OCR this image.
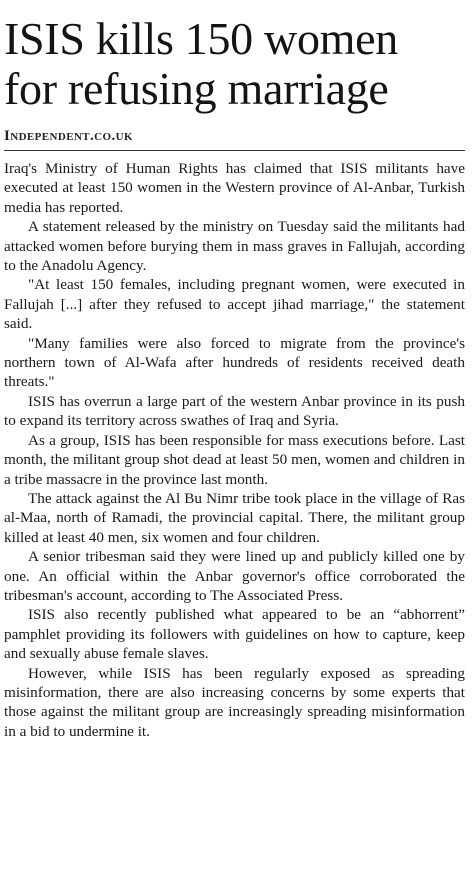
ISIS kills 150 women
for refusing marriage
Independent.co.uk

Iraq's Ministry of Human Rights has claimed that ISIS militants have executed at least 150 women in the Western province of Al-Anbar, Turkish media has reported.

A statement released by the ministry on Tuesday said the militants had attacked women before burying them in mass graves in Fallujah, according to the Anadolu Agency.

"At least 150 females, including pregnant women, were executed in Fallujah [...] after they refused to accept jihad marriage," the statement said.

"Many families were also forced to migrate from the province's northern town of Al-Wafa after hundreds of residents received death threats."

ISIS has overrun a large part of the western Anbar province in its push to expand its territory across swathes of Iraq and Syria.

As a group, ISIS has been responsible for mass executions before. Last month, the militant group shot dead at least 50 men, women and children in a tribe massacre in the province last month.

The attack against the Al Bu Nimr tribe took place in the village of Ras al-Maa, north of Ramadi, the provincial capital. There, the militant group killed at least 40 men, six women and four children.

A senior tribesman said they were lined up and publicly killed one by one. An official within the Anbar governor's office corroborated the tribesman's account, according to The Associated Press.

ISIS also recently published what appeared to be an “abhorrent” pamphlet providing its followers with guidelines on how to capture, keep and sexually abuse female slaves.

However, while ISIS has been regularly exposed as spreading misinformation, there are also increasing concerns by some experts that those against the militant group are increasingly spreading misinformation in a bid to undermine it.
